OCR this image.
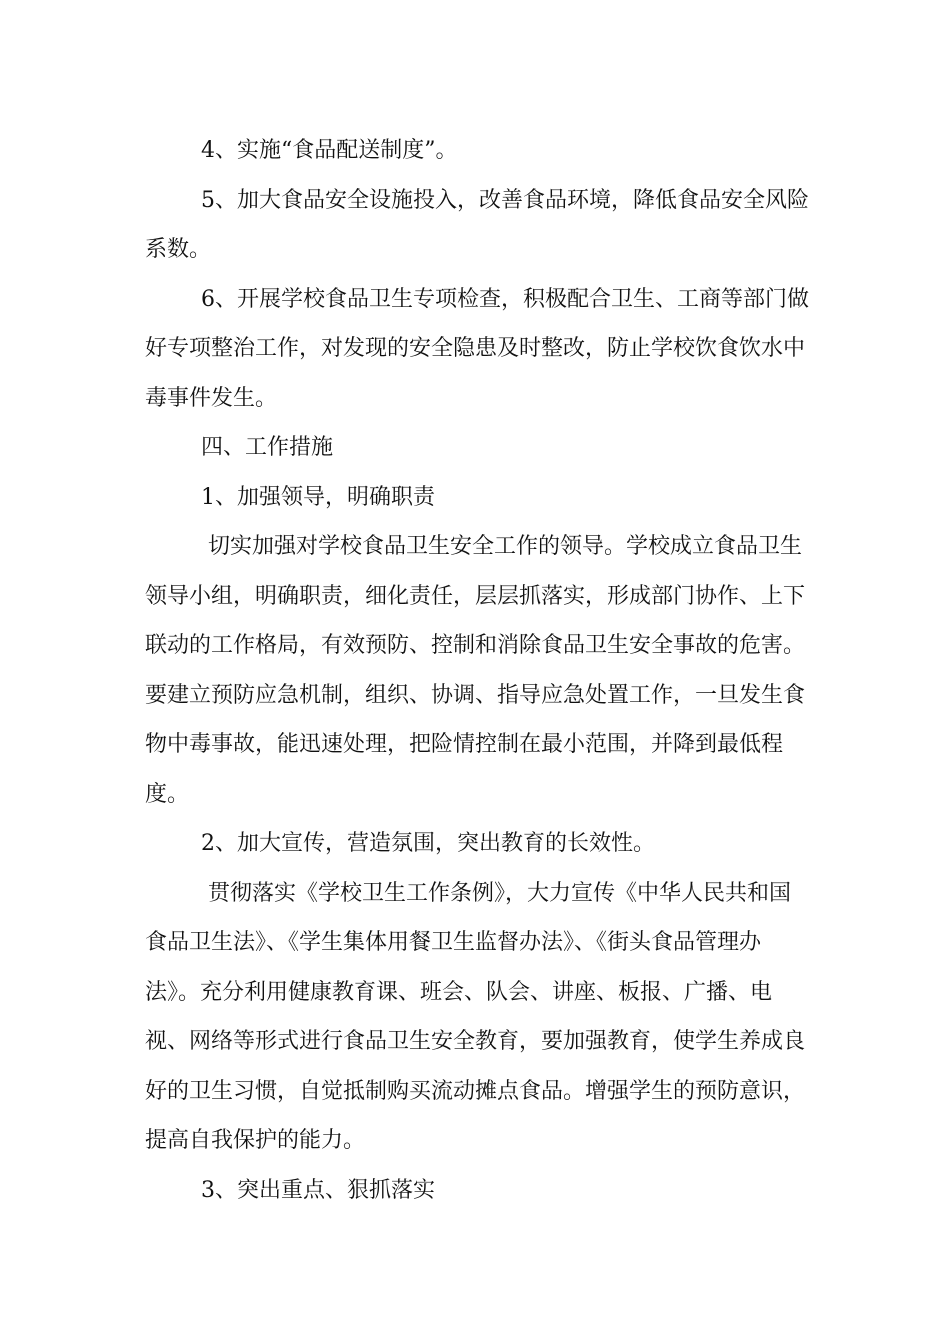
4、实施“食品配送制度”。

5、加大食品安全设施投入，改善食品环境，降低食品安全风险系数。

6、开展学校食品卫生专项检查，积极配合卫生、工商等部门做好专项整治工作，对发现的安全隐患及时整改，防止学校饮食饮水中毒事件发生。

四、工作措施

1、加强领导，明确职责

切实加强对学校食品卫生安全工作的领导。学校成立食品卫生领导小组，明确职责，细化责任，层层抓落实，形成部门协作、上下联动的工作格局，有效预防、控制和消除食品卫生安全事故的危害。要建立预防应急机制，组织、协调、指导应急处置工作，一旦发生食物中毒事故，能迅速处理，把险情控制在最小范围，并降到最低程度。

2、加大宣传，营造氛围，突出教育的长效性。

贯彻落实《学校卫生工作条例》，大力宣传《中华人民共和国食品卫生法》、《学生集体用餐卫生监督办法》、《街头食品管理办法》。充分利用健康教育课、班会、队会、讲座、板报、广播、电视、网络等形式进行食品卫生安全教育，要加强教育，使学生养成良好的卫生习惯，自觉抵制购买流动摊点食品。增强学生的预防意识，提高自我保护的能力。

3、突出重点、狠抓落实
